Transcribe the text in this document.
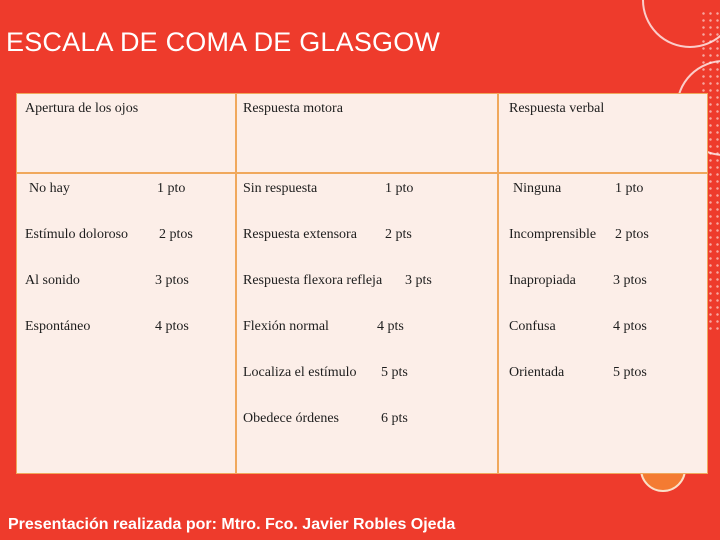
ESCALA DE COMA DE GLASGOW
Apertura de los ojos	Respuesta motora	Respuesta verbal
No hay	1 pto
Estímulo doloroso 2 ptos
Al sonido	3 ptos
Espontáneo	4 ptos
Sin respuesta	1 pto
Respuesta extensora 2 pts
Respuesta flexora refleja 3 pts
Flexión normal	4 pts
Localiza el estímulo 5 pts
Obedece órdenes	6 pts
Ninguna	1 pto
Incomprensible 2 ptos
Inapropiada	3 ptos
Confusa	4 ptos
Orientada	5 ptos
Presentación realizada por: Mtro. Fco. Javier Robles Ojeda
